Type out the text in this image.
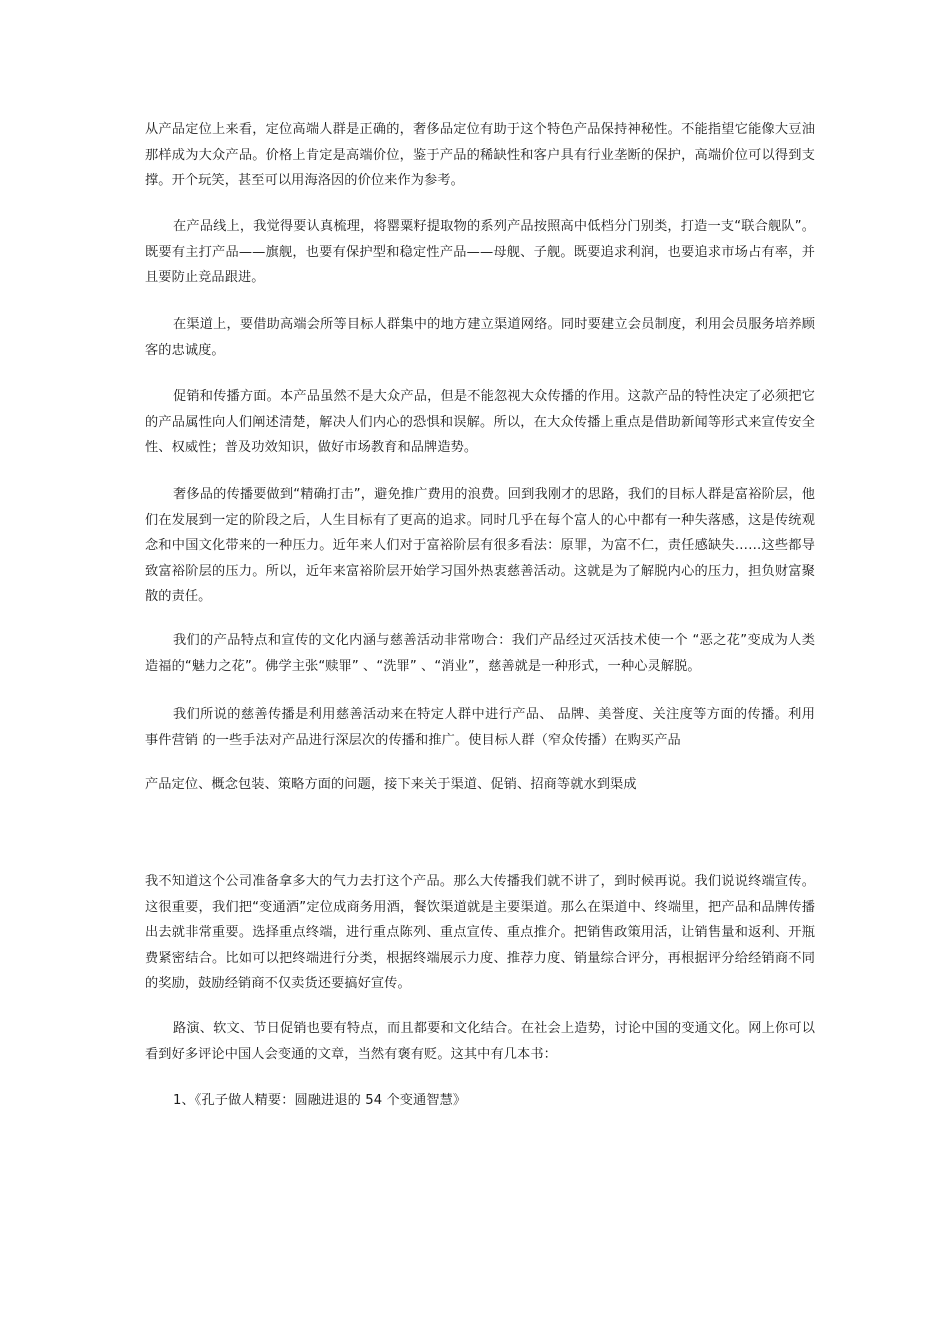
从产品定位上来看，定位高端人群是正确的，奢侈品定位有助于这个特色产品保持神秘性。不能指望它能像大豆油那样成为大众产品。价格上肯定是高端价位，鉴于产品的稀缺性和客户具有行业垄断的保护，高端价位可以得到支撑。开个玩笑，甚至可以用海洛因的价位来作为参考。

在产品线上，我觉得要认真梳理，将罂粟籽提取物的系列产品按照高中低档分门别类，打造一支“联合舰队”。既要有主打产品——旗舰，也要有保护型和稳定性产品——母舰、子舰。既要追求利润，也要追求市场占有率，并且要防止竞品跟进。

在渠道上，要借助高端会所等目标人群集中的地方建立渠道网络。同时要建立会员制度，利用会员服务培养顾客的忠诚度。

促销和传播方面。本产品虽然不是大众产品，但是不能忽视大众传播的作用。这款产品的特性决定了必须把它的产品属性向人们阐述清楚，解决人们内心的恐惧和误解。所以，在大众传播上重点是借助新闻等形式来宣传安全性、权威性；普及功效知识，做好市场教育和品牌造势。

奢侈品的传播要做到“精确打击”，避免推广费用的浪费。回到我刚才的思路，我们的目标人群是富裕阶层，他们在发展到一定的阶段之后，人生目标有了更高的追求。同时几乎在每个富人的心中都有一种失落感，这是传统观念和中国文化带来的一种压力。近年来人们对于富裕阶层有很多看法：原罪，为富不仁，责任感缺失……这些都导致富裕阶层的压力。所以，近年来富裕阶层开始学习国外热衷慈善活动。这就是为了解脱内心的压力，担负财富聚散的责任。

我们的产品特点和宣传的文化内涵与慈善活动非常吻合：我们产品经过灭活技术使一个 “恶之花”变成为人类造福的“魅力之花”。佛学主张“赎罪” 、“洗罪” 、“消业”，慈善就是一种形式，一种心灵解脱。

我们所说的慈善传播是利用慈善活动来在特定人群中进行产品、 品牌、美誉度、关注度等方面的传播。利用事件营销 的一些手法对产品进行深层次的传播和推广。使目标人群（窄众传播）在购买产品

产品定位、概念包装、策略方面的问题，接下来关于渠道、促销、招商等就水到渠成

我不知道这个公司准备拿多大的气力去打这个产品。那么大传播我们就不讲了，到时候再说。我们说说终端宣传。这很重要，我们把“变通酒”定位成商务用酒，餐饮渠道就是主要渠道。那么在渠道中、终端里，把产品和品牌传播出去就非常重要。选择重点终端，进行重点陈列、重点宣传、重点推介。把销售政策用活，让销售量和返利、开瓶费紧密结合。比如可以把终端进行分类，根据终端展示力度、推荐力度、销量综合评分，再根据评分给经销商不同的奖励，鼓励经销商不仅卖货还要搞好宣传。

路演、软文、节日促销也要有特点，而且都要和文化结合。在社会上造势，讨论中国的变通文化。网上你可以看到好多评论中国人会变通的文章，当然有褒有贬。这其中有几本书：

1、《孔子做人精要：圆融进退的 54 个变通智慧》
